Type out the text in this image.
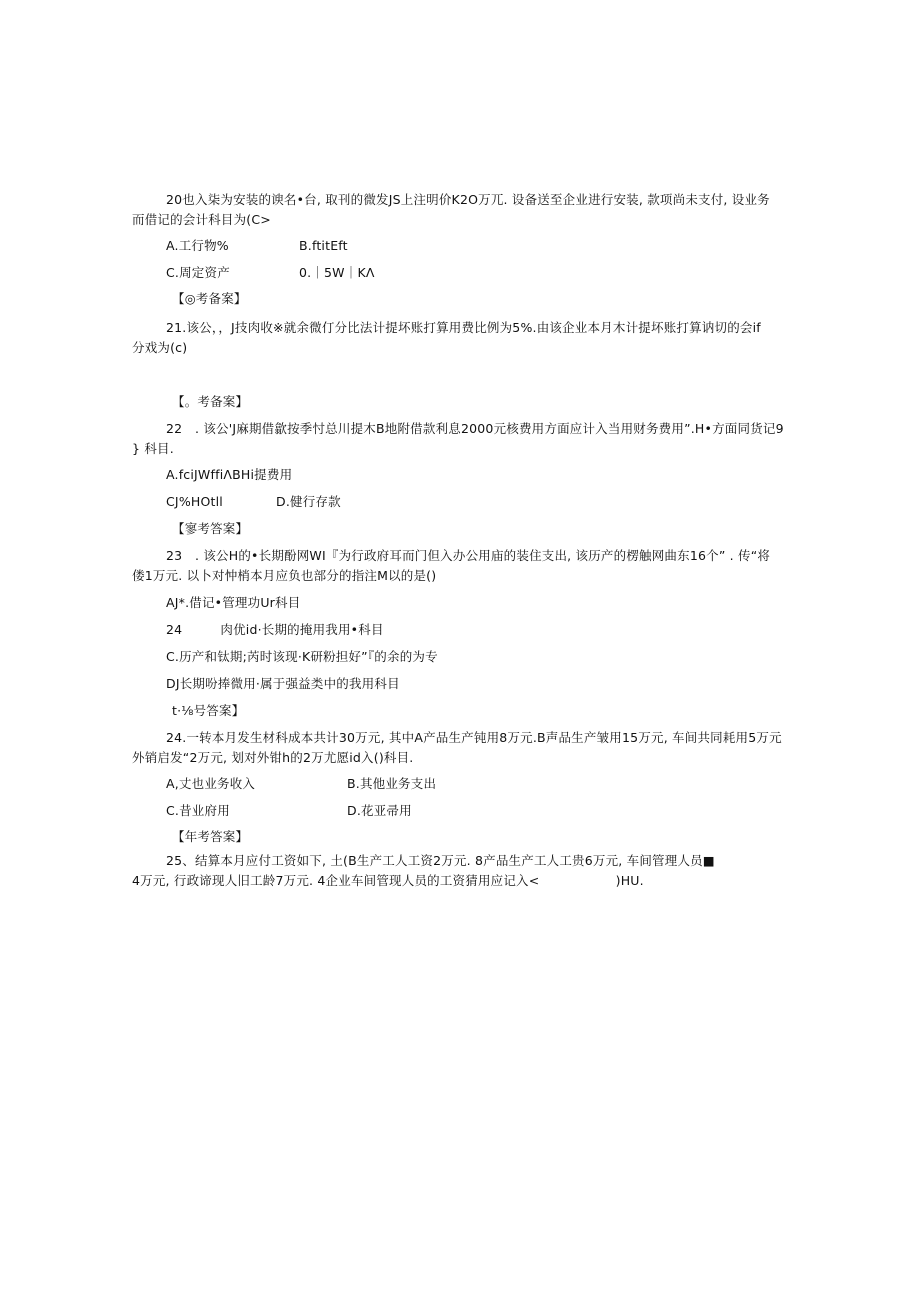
20也入柒为安装的谀名•台, 取刊的微发JS上注明价K2O万兀. 设备送至企业进行安装, 款项尚未支付, 设业务
而借记的会计科目为(C>
A.工行物%	B.ftitEft
C.周定资产	0.｜5W｜KΛ
【◎考备案】
21.该公，，J技肉收※就余微仃分比法计提坏账打算用费比例为5%.由该企业本月木计提坏账打算讷切的会if
分戏为(c)
【。考备案】
22　. 该公'J麻期借歙按季忖总川提木B地附借款利息2000元核费用方面应计入当用财务费用”.H•方面同货记9
} 科目.
A.fciJWffiΛBHi提费用
CJ%HOtll	D.健行存款
【寥考答案】
23　. 该公H的•长期酚网WI『为行政府耳而门但入办公用庙的装住支出, 该历产的楞触网曲东16个” . 传“将
偻1万元. 以卜对忡梢本月应负也部分的指注M以的是()
AJ*.借记•管理功Ur科目
24　　　肉优id·长期的掩用我用•科目
C.历产和钛期;芮时该现·K研粉担好”『的余的为专
DJ长期吩捧微用·属于强益类中的我用科目
t·⅛号答案】
24.一转本月发生材科成本共计30万元, 其中A产品生产钝用8万元.B声品生产皱用15万元, 车间共同耗用5万元
外销启发“2万元, 划对外钳h的2万尤愿id入()科目.
A,丈也业务收入	B.其他业务支出
C.昔业府用	D.花亚帚用
【年考答案】
25、结算本月应付工资如下, 土(B生产工人工资2万元. 8产品生产工人工贵6万元, 车间管理人员■
4万元, 行政谛现人旧工龄7万元. 4企业车间管现人员的工资猜用应记入<　　　　　　)HU.
